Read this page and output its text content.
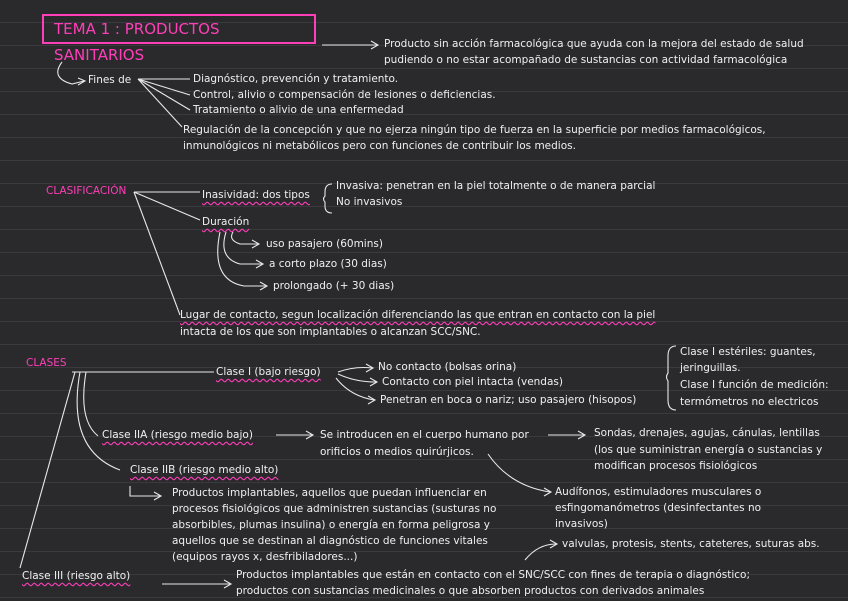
TEMA 1 : PRODUCTOS SANITARIOS
Producto sin acción farmacológica que ayuda con la mejora del estado de salud
pudiendo o no estar acompañado de sustancias con actividad farmacológica
Fines de	Diagnóstico, prevención y tratamiento.
Control, alivio o compensación de lesiones o deficiencias.
Tratamiento o alivio de una enfermedad
Regulación de la concepción y que no ejerza ningún tipo de fuerza en la superficie por medios farmacológicos,
inmunológicos ni metabólicos pero con funciones de contribuir los medios.
CLASIFICACIÓN	Inasividad: dos tipos
Invasiva: penetran en la piel totalmente o de manera parcial
No invasivos
Duración
uso pasajero (60mins)
a corto plazo (30 dias)
prolongado (+ 30 dias)
Lugar de contacto, segun localización diferenciando las que entran en contacto con la piel
intacta de los que son implantables o alcanzan SCC/SNC.
CLASES
Clase I (bajo riesgo)	No contacto (bolsas orina)
Contacto con piel intacta (vendas)
Penetran en boca o nariz; uso pasajero (hisopos)
Clase I estériles: guantes,
jeringuillas.
Clase I función de medición:
termómetros no electricos
Clase IIA (riesgo medio bajo)	Se introducen en el cuerpo humano por
orificios o medios quirúrjicos.
Sondas, drenajes, agujas, cánulas, lentillas
(los que suministran energía o sustancias y
modifican procesos fisiológicos
Audífonos, estimuladores musculares o
esfingomanómetros (desinfectantes no
invasivos)
Clase IIB (riesgo medio alto)
Productos implantables, aquellos que puedan influenciar en
procesos fisiológicos que administren sustancias (susturas no
absorbibles, plumas insulina) o energía en forma peligrosa y
aquellos que se destinan al diagnóstico de funciones vitales
(equipos rayos x, desfribiladores...)
valvulas, protesis, stents, cateteres, suturas abs.
Clase III (riesgo alto)	Productos implantables que están en contacto con el SNC/SCC con fines de terapia o diagnóstico;
productos con sustancias medicinales o que absorben productos con derivados animales
